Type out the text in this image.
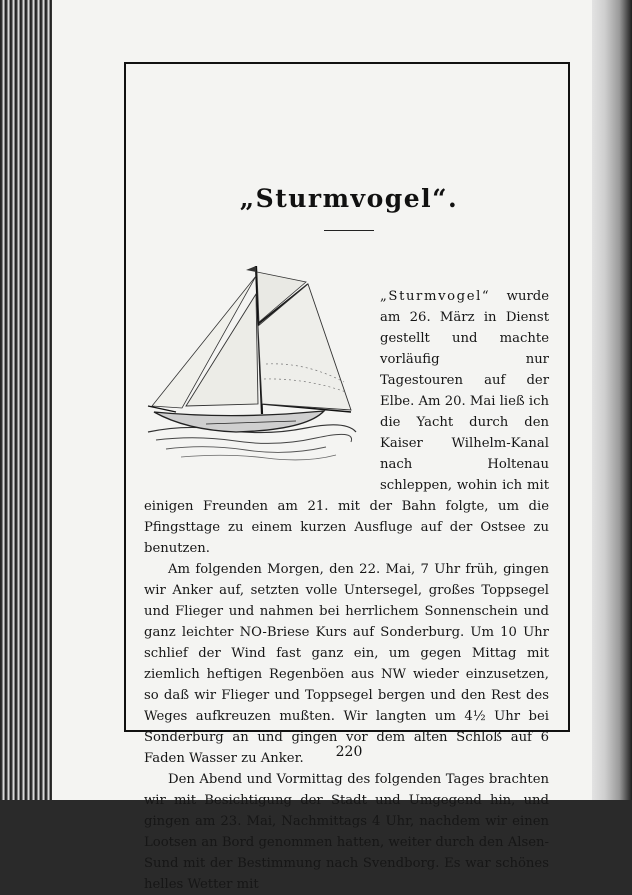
„Sturmvogel“.

„Sturmvogel“ wurde am 26. März in Dienst gestellt und machte vorläufig nur Tagestouren auf der Elbe. Am 20. Mai ließ ich die Yacht durch den Kaiser Wilhelm-Kanal nach Holtenau schleppen, wohin ich mit einigen Freunden am 21. mit der Bahn folgte, um die Pfingsttage zu einem kurzen Ausfluge auf der Ostsee zu benutzen.

Am folgenden Morgen, den 22. Mai, 7 Uhr früh, gingen wir Anker auf, setzten volle Untersegel, großes Toppsegel und Flieger und nahmen bei herrlichem Sonnenschein und ganz leichter NO-Briese Kurs auf Sonderburg. Um 10 Uhr schlief der Wind fast ganz ein, um gegen Mittag mit ziemlich heftigen Regenböen aus NW wieder einzusetzen, so daß wir Flieger und Toppsegel bergen und den Rest des Weges aufkreuzen mußten. Wir langten um 4½ Uhr bei Sonderburg an und gingen vor dem alten Schloß auf 6 Faden Wasser zu Anker.

Den Abend und Vormittag des folgenden Tages brachten wir mit Besichtigung der Stadt und Umgegend hin, und gingen am 23. Mai, Nachmittags 4 Uhr, nachdem wir einen Lootsen an Bord genommen hatten, weiter durch den Alsen-Sund mit der Bestimmung nach Svendborg. Es war schönes helles Wetter mit

220
